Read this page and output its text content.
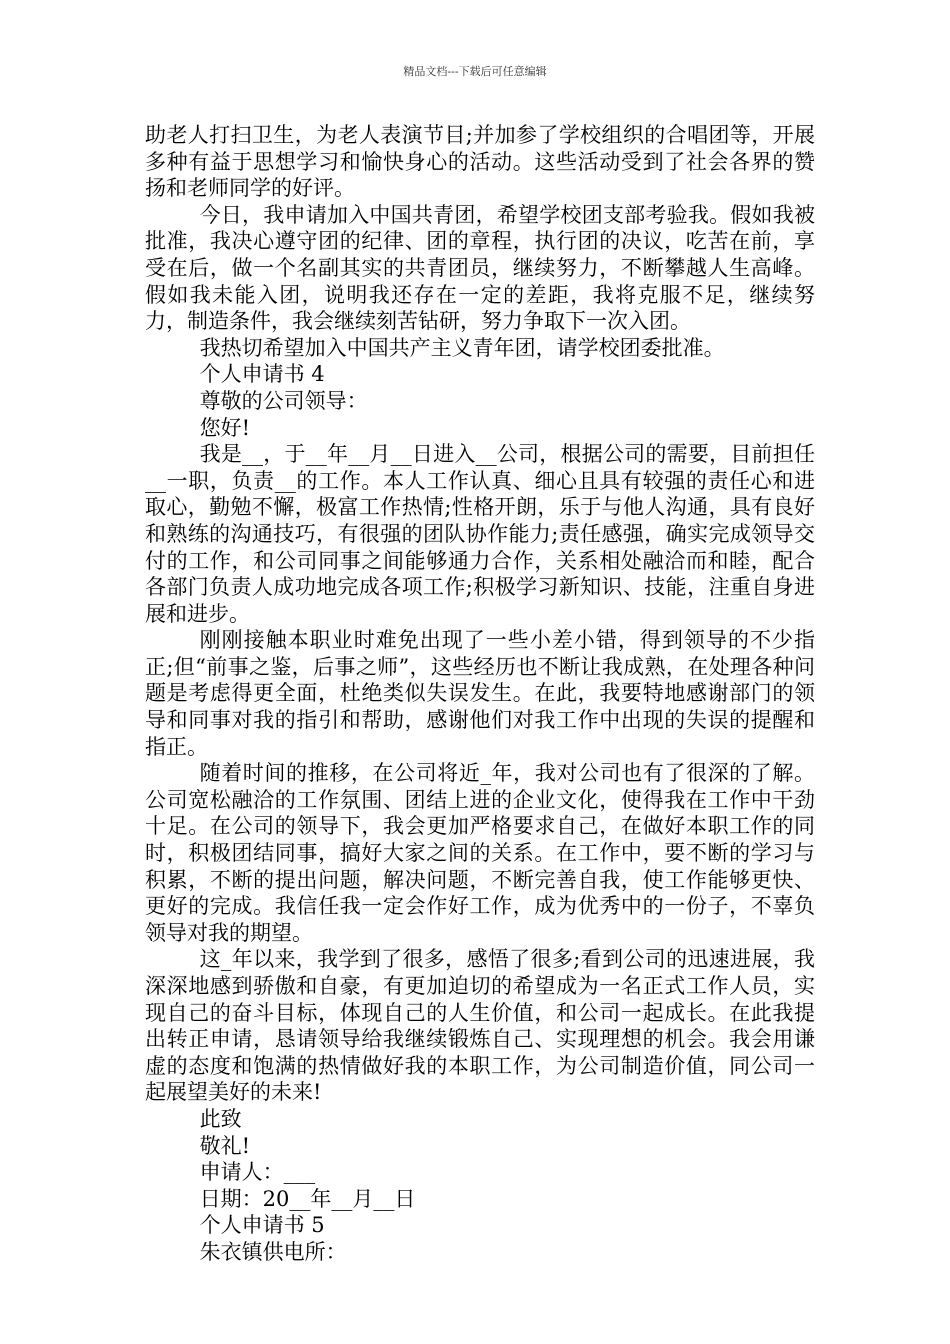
精品文档---下载后可任意编辑

助老人打扫卫生，为老人表演节目;并加参了学校组织的合唱团等，开展多种有益于思想学习和愉快身心的活动。这些活动受到了社会各界的赞扬和老师同学的好评。

今日，我申请加入中国共青团，希望学校团支部考验我。假如我被批准，我决心遵守团的纪律、团的章程，执行团的决议，吃苦在前，享受在后，做一个名副其实的共青团员，继续努力，不断攀越人生高峰。假如我未能入团，说明我还存在一定的差距，我将克服不足，继续努力，制造条件，我会继续刻苦钻研，努力争取下一次入团。

我热切希望加入中国共产主义青年团，请学校团委批准。

个人申请书 4

尊敬的公司领导：

您好!

我是__，于__年__月__日进入__公司，根据公司的需要，目前担任__一职，负责__的工作。本人工作认真、细心且具有较强的责任心和进取心，勤勉不懈，极富工作热情;性格开朗，乐于与他人沟通，具有良好和熟练的沟通技巧，有很强的团队协作能力;责任感强，确实完成领导交付的工作，和公司同事之间能够通力合作，关系相处融洽而和睦，配合各部门负责人成功地完成各项工作;积极学习新知识、技能，注重自身进展和进步。

刚刚接触本职业时难免出现了一些小差小错，得到领导的不少指正;但“前事之鉴，后事之师”，这些经历也不断让我成熟，在处理各种问题是考虑得更全面，杜绝类似失误发生。在此，我要特地感谢部门的领导和同事对我的指引和帮助，感谢他们对我工作中出现的失误的提醒和指正。

随着时间的推移，在公司将近_年，我对公司也有了很深的了解。公司宽松融洽的工作氛围、团结上进的企业文化，使得我在工作中干劲十足。在公司的领导下，我会更加严格要求自己，在做好本职工作的同时，积极团结同事，搞好大家之间的关系。在工作中，要不断的学习与积累，不断的提出问题，解决问题，不断完善自我，使工作能够更快、更好的完成。我信任我一定会作好工作，成为优秀中的一份子，不辜负领导对我的期望。

这_年以来，我学到了很多，感悟了很多;看到公司的迅速进展，我深深地感到骄傲和自豪，有更加迫切的希望成为一名正式工作人员，实现自己的奋斗目标，体现自己的人生价值，和公司一起成长。在此我提出转正申请，恳请领导给我继续锻炼自己、实现理想的机会。我会用谦虚的态度和饱满的热情做好我的本职工作，为公司制造价值，同公司一起展望美好的未来!

此致

敬礼!

申请人：___

日期：20__年__月__日

个人申请书 5

朱衣镇供电所：
